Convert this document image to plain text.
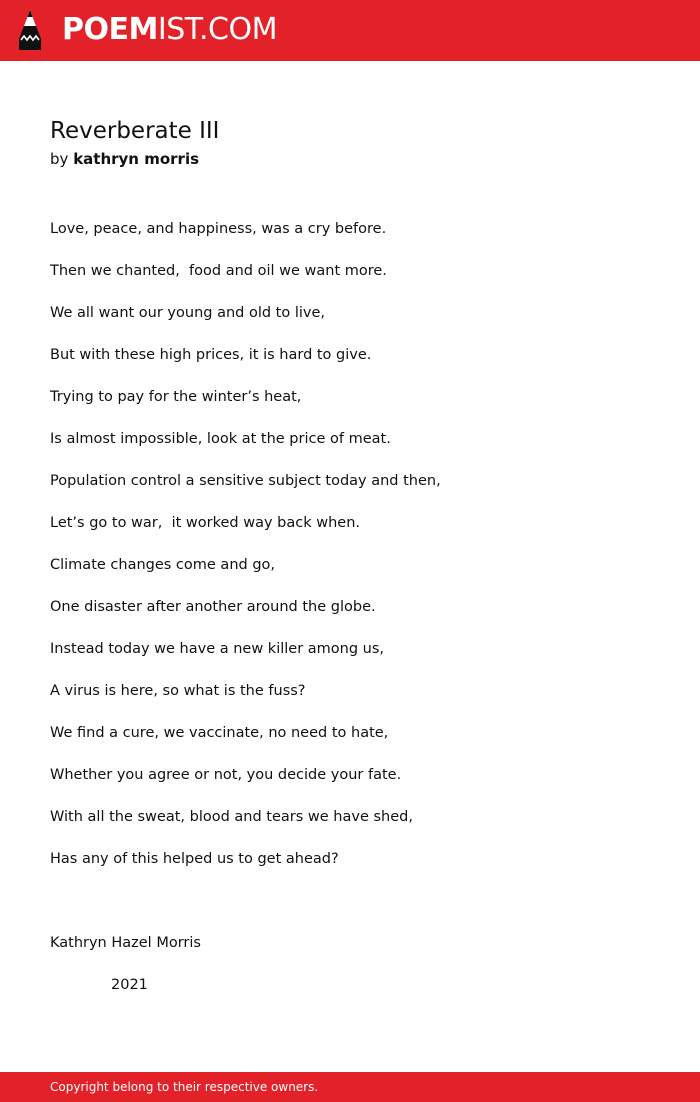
POEMIST.COM
Reverberate III
by kathryn morris
Love, peace, and happiness, was a cry before.
Then we chanted,  food and oil we want more.
We all want our young and old to live,
But with these high prices, it is hard to give.
Trying to pay for the winter’s heat,
Is almost impossible, look at the price of meat.
Population control a sensitive subject today and then,
Let’s go to war,  it worked way back when.
Climate changes come and go,
One disaster after another around the globe.
Instead today we have a new killer among us,
A virus is here, so what is the fuss?
We find a cure, we vaccinate, no need to hate,
Whether you agree or not, you decide your fate.
With all the sweat, blood and tears we have shed,
Has any of this helped us to get ahead?
Kathryn Hazel Morris
2021
Copyright belong to their respective owners.
